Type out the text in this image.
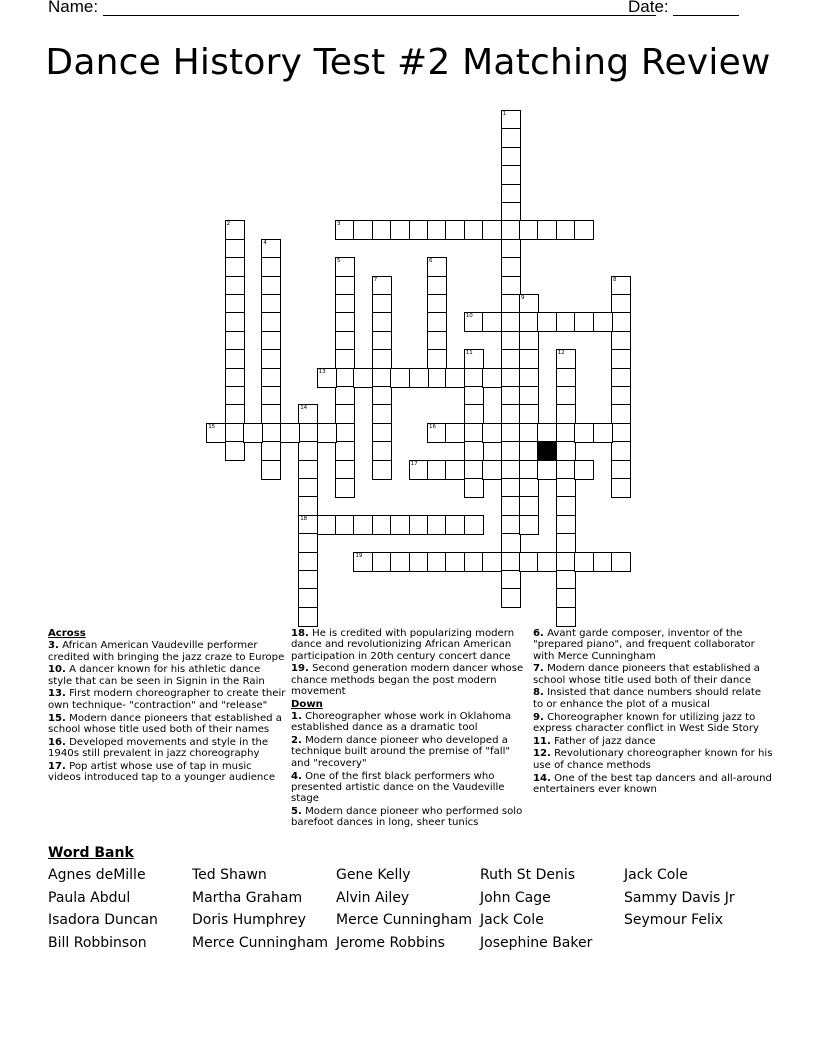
Name:	Date:
Dance History Test #2 Matching Review
1
2	3
4
5	6
7	8
9
10
11	12
13
14
18
15	16
17
19
Across
3. African American Vaudeville performer credited with bringing the jazz craze to Europe
10. A dancer known for his athletic dance style that can be seen in Signin in the Rain
13. First modern choreographer to create their own technique- "contraction" and "release"
15. Modern dance pioneers that established a school whose title used both of their names
16. Developed movements and style in the 1940s still prevalent in jazz choreography
17. Pop artist whose use of tap in music videos introduced tap to a younger audience
18. He is credited with popularizing modern dance and revolutionizing African American participation in 20th century concert dance
19. Second generation modern dancer whose chance methods began the post modern movement
Down
1. Choreographer whose work in Oklahoma established dance as a dramatic tool
2. Modern dance pioneer who developed a technique built around the premise of "fall" and "recovery"
4. One of the first black performers who presented artistic dance on the Vaudeville stage
5. Modern dance pioneer who performed solo barefoot dances in long, sheer tunics
6. Avant garde composer, inventor of the "prepared piano", and frequent collaborator with Merce Cunningham
7. Modern dance pioneers that established a school whose title used both of their dance
8. Insisted that dance numbers should relate to or enhance the plot of a musical
9. Choreographer known for utilizing jazz to express character conflict in West Side Story
11. Father of jazz dance
12. Revolutionary choreographer known for his use of chance methods
14. One of the best tap dancers and all-around entertainers ever known
Word Bank
Agnes deMille
Paula Abdul
Isadora Duncan
Bill Robbinson
Ted Shawn
Martha Graham
Doris Humphrey
Merce Cunningham
Gene Kelly
Alvin Ailey
Merce Cunningham
Jerome Robbins
Ruth St Denis
John Cage
Jack Cole
Josephine Baker
Jack Cole
Sammy Davis Jr
Seymour Felix
